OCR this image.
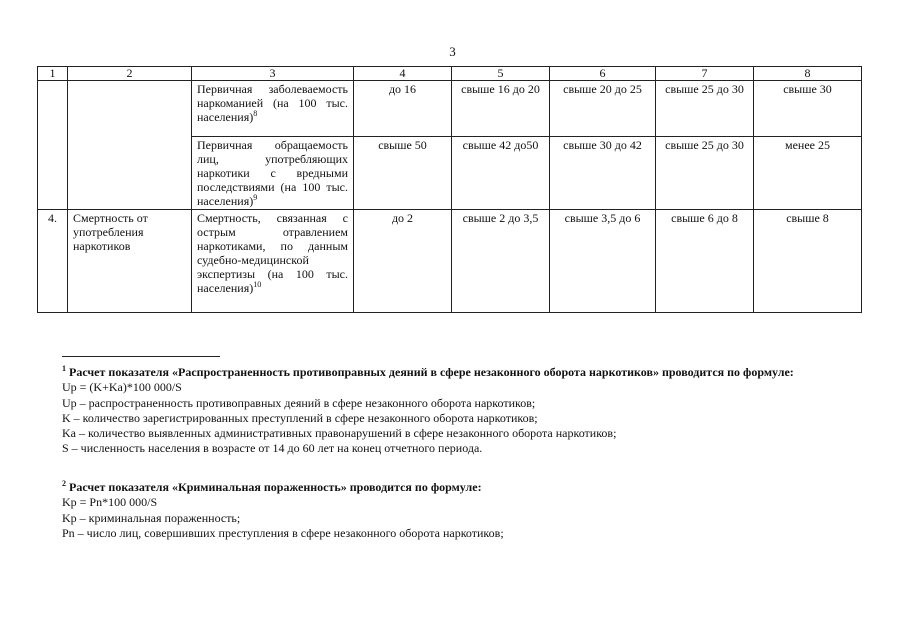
3
1	2	3	4	5	6	7	8
		Первичная заболеваемость наркоманией (на 100 тыс. населения)$^8$	до 16	свыше 16 до 20	свыше 20 до 25	свыше 25 до 30	свыше 30
		Первичная обращаемость лиц, употребляющих наркотики с вредными последствиями (на 100 тыс. населения)$^9$	свыше 50	свыше 42 до50	свыше 30 до 42	свыше 25 до 30	менее 25
4.	Смертность от употребления наркотиков	Смертность, связанная с острым отравлением наркотиками, по данным судебно-медицинской экспертизы (на 100 тыс. населения)$^{10}$	до 2	свыше 2 до 3,5	свыше 3,5 до 6	свыше 6 до 8	свыше 8

$^1$ Расчет показателя «Распространенность противоправных деяний в сфере незаконного оборота наркотиков» проводится по формуле:

Up = (K+Ka)*100 000/S

Up – распространенность противоправных деяний в сфере незаконного оборота наркотиков;

K – количество зарегистрированных преступлений в сфере незаконного оборота наркотиков;

Ka – количество выявленных административных правонарушений в сфере незаконного оборота наркотиков;

S – численность населения в возрасте от 14 до 60 лет на конец отчетного периода.

$^2$ Расчет показателя «Криминальная пораженность» проводится по формуле:

Kp = Pn*100 000/S

Kp – криминальная пораженность;

Pn – число лиц, совершивших преступления в сфере незаконного оборота наркотиков;
